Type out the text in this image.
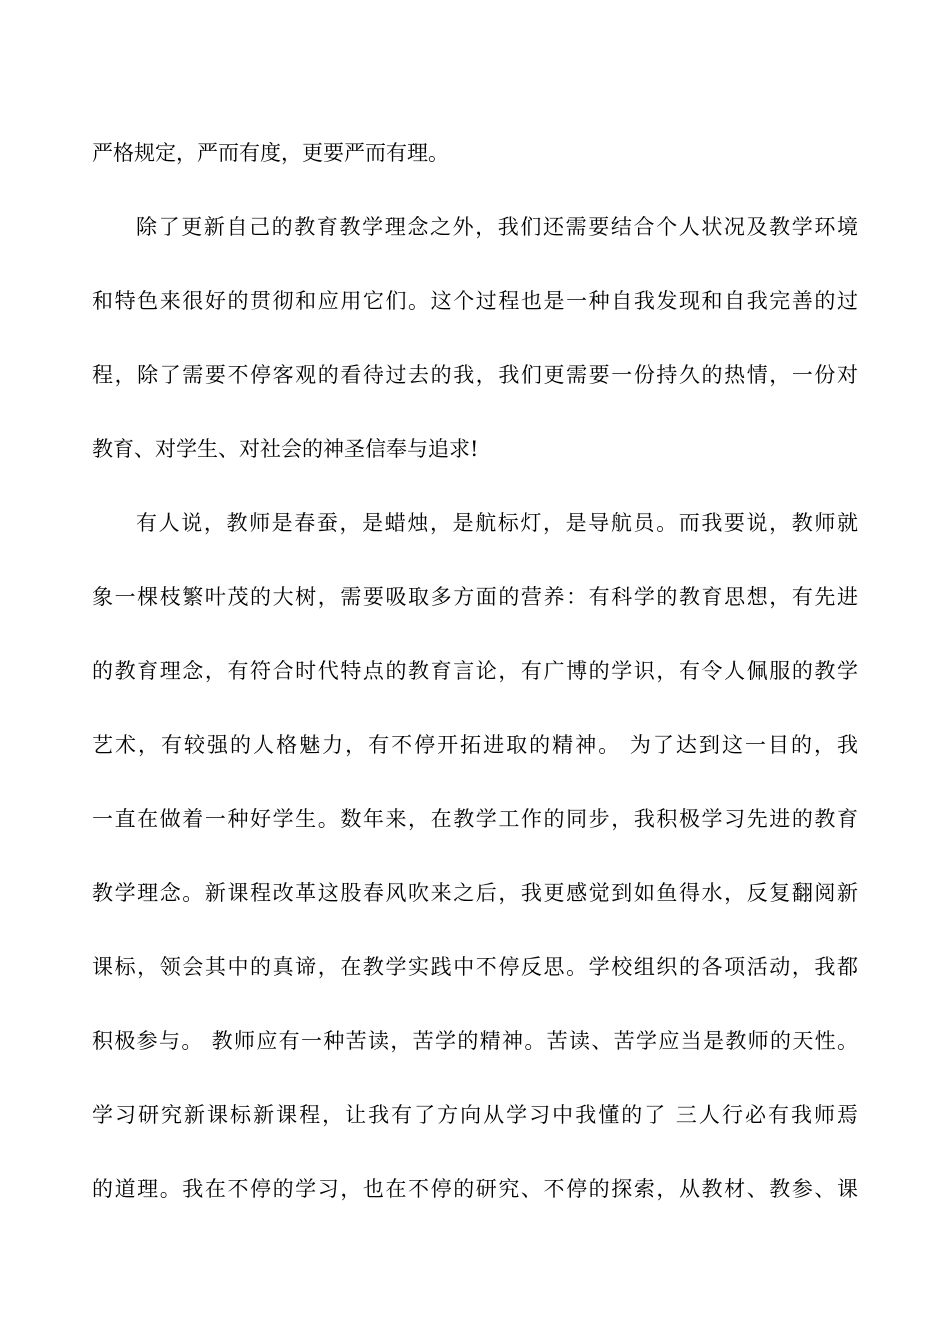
严格规定，严而有度，更要严而有理。
除了更新自己的教育教学理念之外，我们还需要结合个人状况及教学环境
和特色来很好的贯彻和应用它们。这个过程也是一种自我发现和自我完善的过
程，除了需要不停客观的看待过去的我，我们更需要一份持久的热情，一份对
教育、对学生、对社会的神圣信奉与追求!
有人说，教师是春蚕，是蜡烛，是航标灯，是导航员。而我要说，教师就
象一棵枝繁叶茂的大树，需要吸取多方面的营养：有科学的教育思想，有先进
的教育理念，有符合时代特点的教育言论，有广博的学识，有令人佩服的教学
艺术，有较强的人格魅力，有不停开拓进取的精神。 为了达到这一目的，我
一直在做着一种好学生。数年来，在教学工作的同步，我积极学习先进的教育
教学理念。新课程改革这股春风吹来之后，我更感觉到如鱼得水，反复翻阅新
课标，领会其中的真谛，在教学实践中不停反思。学校组织的各项活动，我都
积极参与。 教师应有一种苦读，苦学的精神。苦读、苦学应当是教师的天性。
学习研究新课标新课程，让我有了方向从学习中我懂的了 三人行必有我师焉
的道理。我在不停的学习，也在不停的研究、不停的探索，从教材、教参、课
